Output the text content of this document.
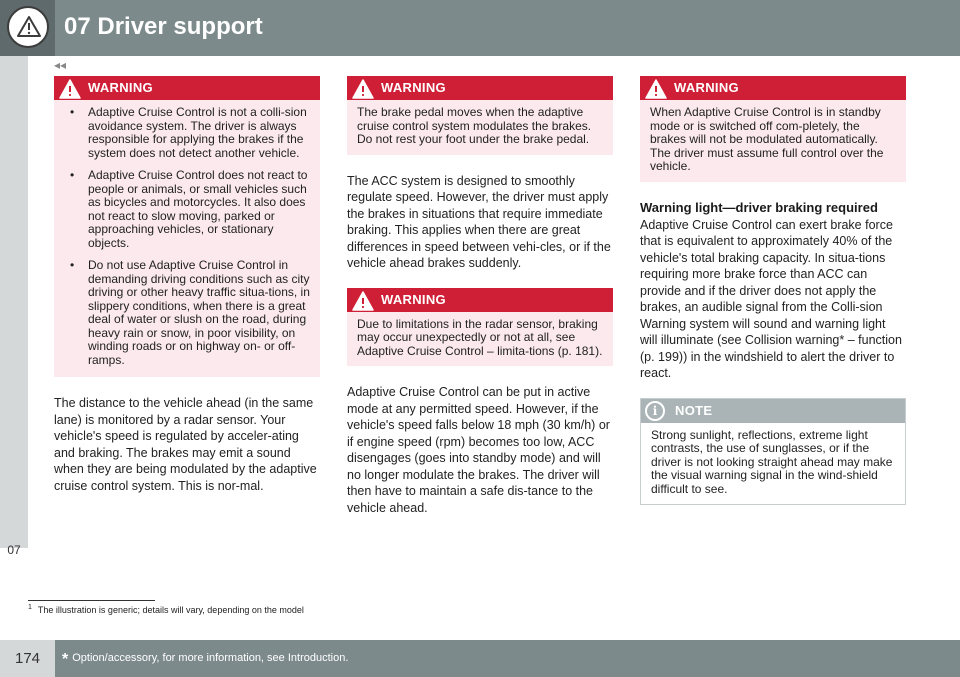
07 Driver support
◂◂
07
WARNING
• Adaptive Cruise Control is not a colli-sion avoidance system. The driver is always responsible for applying the brakes if the system does not detect another vehicle.
• Adaptive Cruise Control does not react to people or animals, or small vehicles such as bicycles and motorcycles. It also does not react to slow moving, parked or approaching vehicles, or stationary objects.
• Do not use Adaptive Cruise Control in demanding driving conditions such as city driving or other heavy traffic situa-tions, in slippery conditions, when there is a great deal of water or slush on the road, during heavy rain or snow, in poor visibility, on winding roads or on highway on- or off-ramps.

The distance to the vehicle ahead (in the same lane) is monitored by a radar sensor. Your vehicle's speed is regulated by acceler-ating and braking. The brakes may emit a sound when they are being modulated by the adaptive cruise control system. This is nor-mal.

WARNING
The brake pedal moves when the adaptive cruise control system modulates the brakes. Do not rest your foot under the brake pedal.

The ACC system is designed to smoothly regulate speed. However, the driver must apply the brakes in situations that require immediate braking. This applies when there are great differences in speed between vehi-cles, or if the vehicle ahead brakes suddenly.

WARNING
Due to limitations in the radar sensor, braking may occur unexpectedly or not at all, see Adaptive Cruise Control – limita-tions (p. 181).

Adaptive Cruise Control can be put in active mode at any permitted speed. However, if the vehicle's speed falls below 18 mph (30 km/h) or if engine speed (rpm) becomes too low, ACC disengages (goes into standby mode) and will no longer modulate the brakes. The driver will then have to maintain a safe dis-tance to the vehicle ahead.

WARNING
When Adaptive Cruise Control is in standby mode or is switched off com-pletely, the brakes will not be modulated automatically. The driver must assume full control over the vehicle.
Warning light—driver braking required

Adaptive Cruise Control can exert brake force that is equivalent to approximately 40% of the vehicle's total braking capacity. In situa-tions requiring more brake force than ACC can provide and if the driver does not apply the brakes, an audible signal from the Colli-sion Warning system will sound and warning light will illuminate (see Collision warning* – function (p. 199)) in the windshield to alert the driver to react.

i	NOTE
Strong sunlight, reflections, extreme light contrasts, the use of sunglasses, or if the driver is not looking straight ahead may make the visual warning signal in the wind-shield difficult to see.
$^1$ The illustration is generic; details will vary, depending on the model
174	* Option/accessory, for more information, see Introduction.
